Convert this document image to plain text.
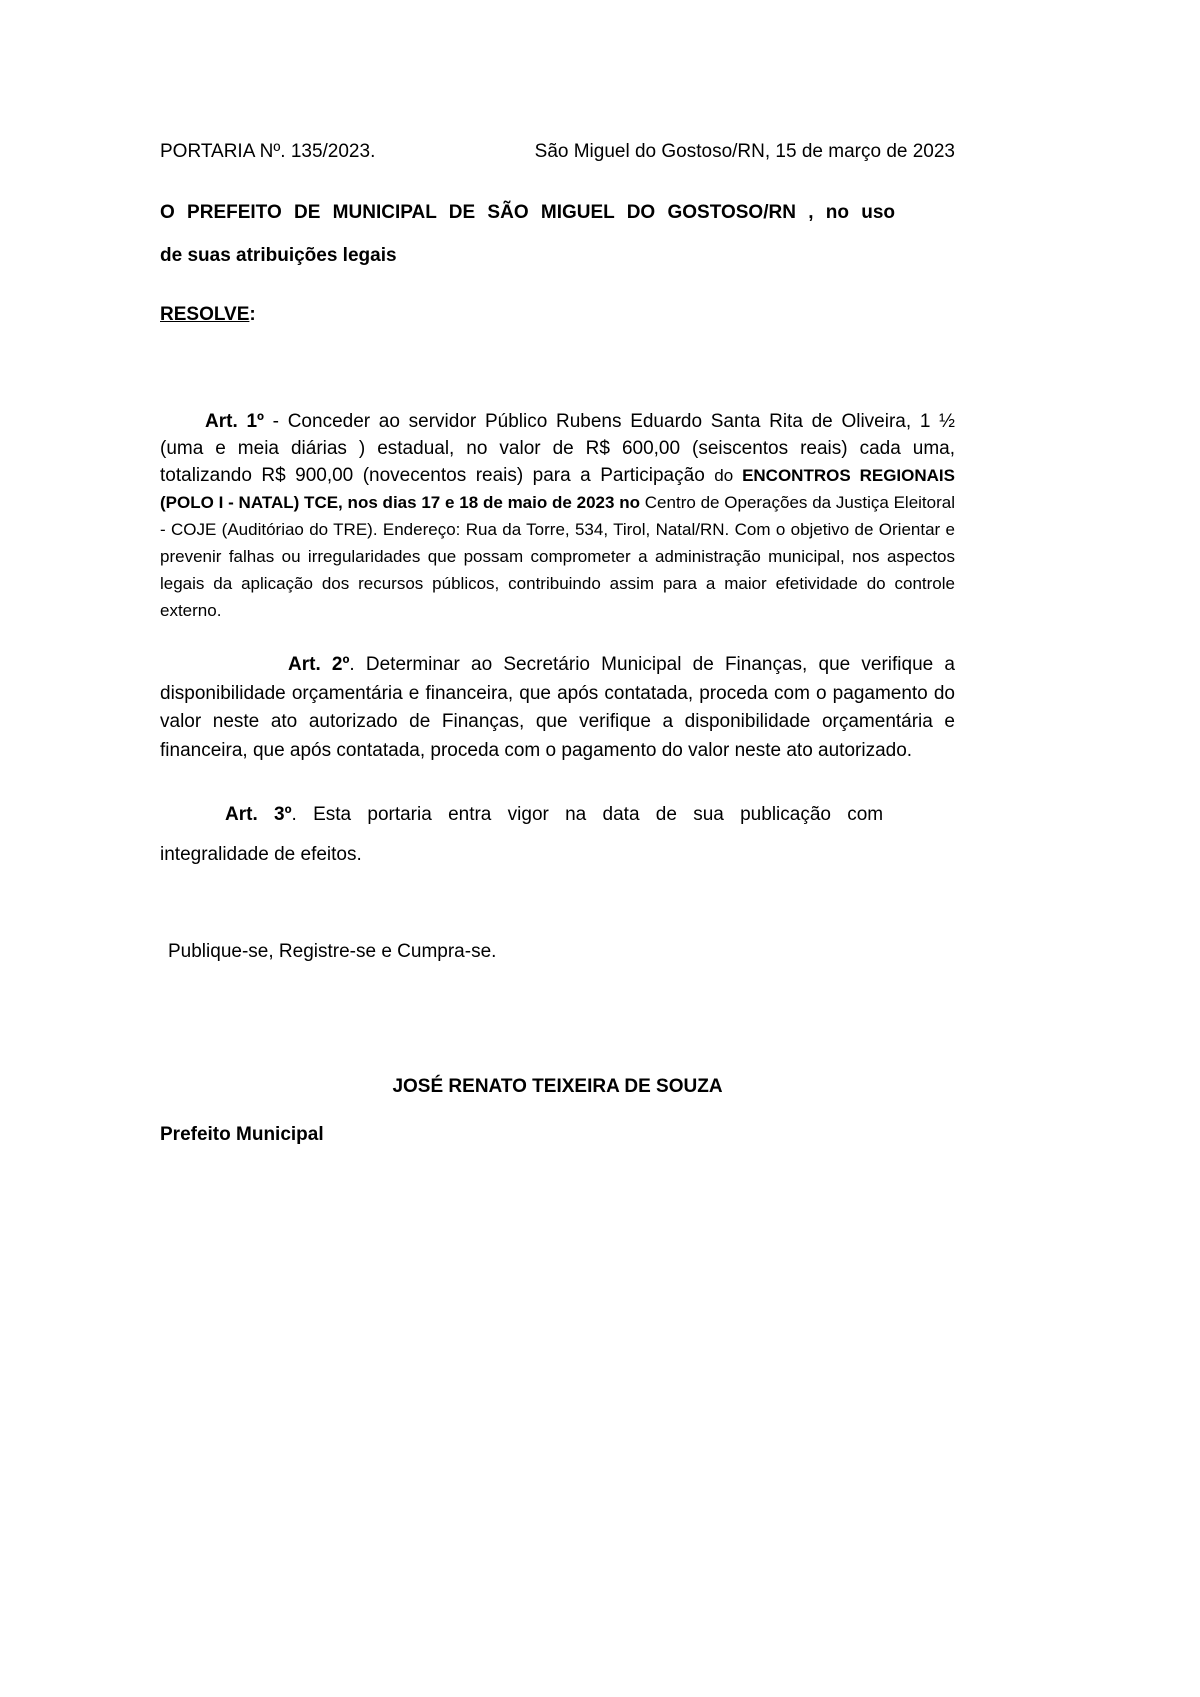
PORTARIA Nº. 135/2023.	São Miguel do Gostoso/RN, 15 de março de 2023

O PREFEITO DE MUNICIPAL DE SÃO MIGUEL DO GOSTOSO/RN , no uso
de suas atribuições legais

RESOLVE:

Art. 1º - Conceder ao servidor Público Rubens Eduardo Santa Rita de Oliveira, 1 ½ (uma e meia diárias ) estadual, no valor de R$ 600,00 (seiscentos reais) cada uma, totalizando R$ 900,00 (novecentos reais) para a Participação do ENCONTROS REGIONAIS (POLO I - NATAL) TCE, nos dias 17 e 18 de maio de 2023 no Centro de Operações da Justiça Eleitoral - COJE (Auditóriao do TRE). Endereço: Rua da Torre, 534, Tirol, Natal/RN. Com o objetivo de Orientar e prevenir falhas ou irregularidades que possam comprometer a administração municipal, nos aspectos legais da aplicação dos recursos públicos, contribuindo assim para a maior efetividade do controle externo.

Art. 2º. Determinar ao Secretário Municipal de Finanças, que verifique a disponibilidade orçamentária e financeira, que após contatada, proceda com o pagamento do valor neste ato autorizado de Finanças, que verifique a disponibilidade orçamentária e financeira, que após contatada, proceda com o pagamento do valor neste ato autorizado.

Art. 3º. Esta portaria entra vigor na data de sua publicação com
integralidade de efeitos.

Publique-se, Registre-se e Cumpra-se.

JOSÉ RENATO TEIXEIRA DE SOUZA

Prefeito Municipal
